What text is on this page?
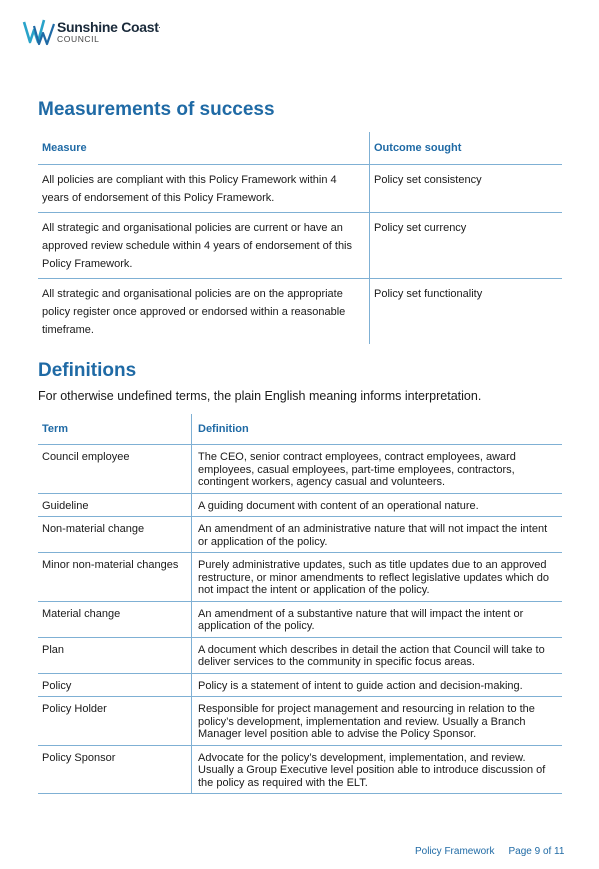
Sunshine Coast.
COUNCIL
Measurements of success
Measure	Outcome sought
All policies are compliant with this Policy Framework within 4 years of endorsement of this Policy Framework.	Policy set consistency
All strategic and organisational policies are current or have an approved review schedule within 4 years of endorsement of this Policy Framework.	Policy set currency
All strategic and organisational policies are on the appropriate policy register once approved or endorsed within a reasonable timeframe.	Policy set functionality
Definitions
For otherwise undefined terms, the plain English meaning informs interpretation.
Term	Definition
Council employee	The CEO, senior contract employees, contract employees, award employees, casual employees, part-time employees, contractors, contingent workers, agency casual and volunteers.
Guideline	A guiding document with content of an operational nature.
Non-material change	An amendment of an administrative nature that will not impact the intent or application of the policy.
Minor non-material changes	Purely administrative updates, such as title updates due to an approved restructure, or minor amendments to reflect legislative updates which do not impact the intent or application of the policy.
Material change	An amendment of a substantive nature that will impact the intent or application of the policy.
Plan	A document which describes in detail the action that Council will take to deliver services to the community in specific focus areas.
Policy	Policy is a statement of intent to guide action and decision-making.
Policy Holder	Responsible for project management and resourcing in relation to the policy’s development, implementation and review. Usually a Branch Manager level position able to advise the Policy Sponsor.
Policy Sponsor	Advocate for the policy’s development, implementation, and review. Usually a Group Executive level position able to introduce discussion of the policy as required with the ELT.
Policy Framework Page 9 of 11
